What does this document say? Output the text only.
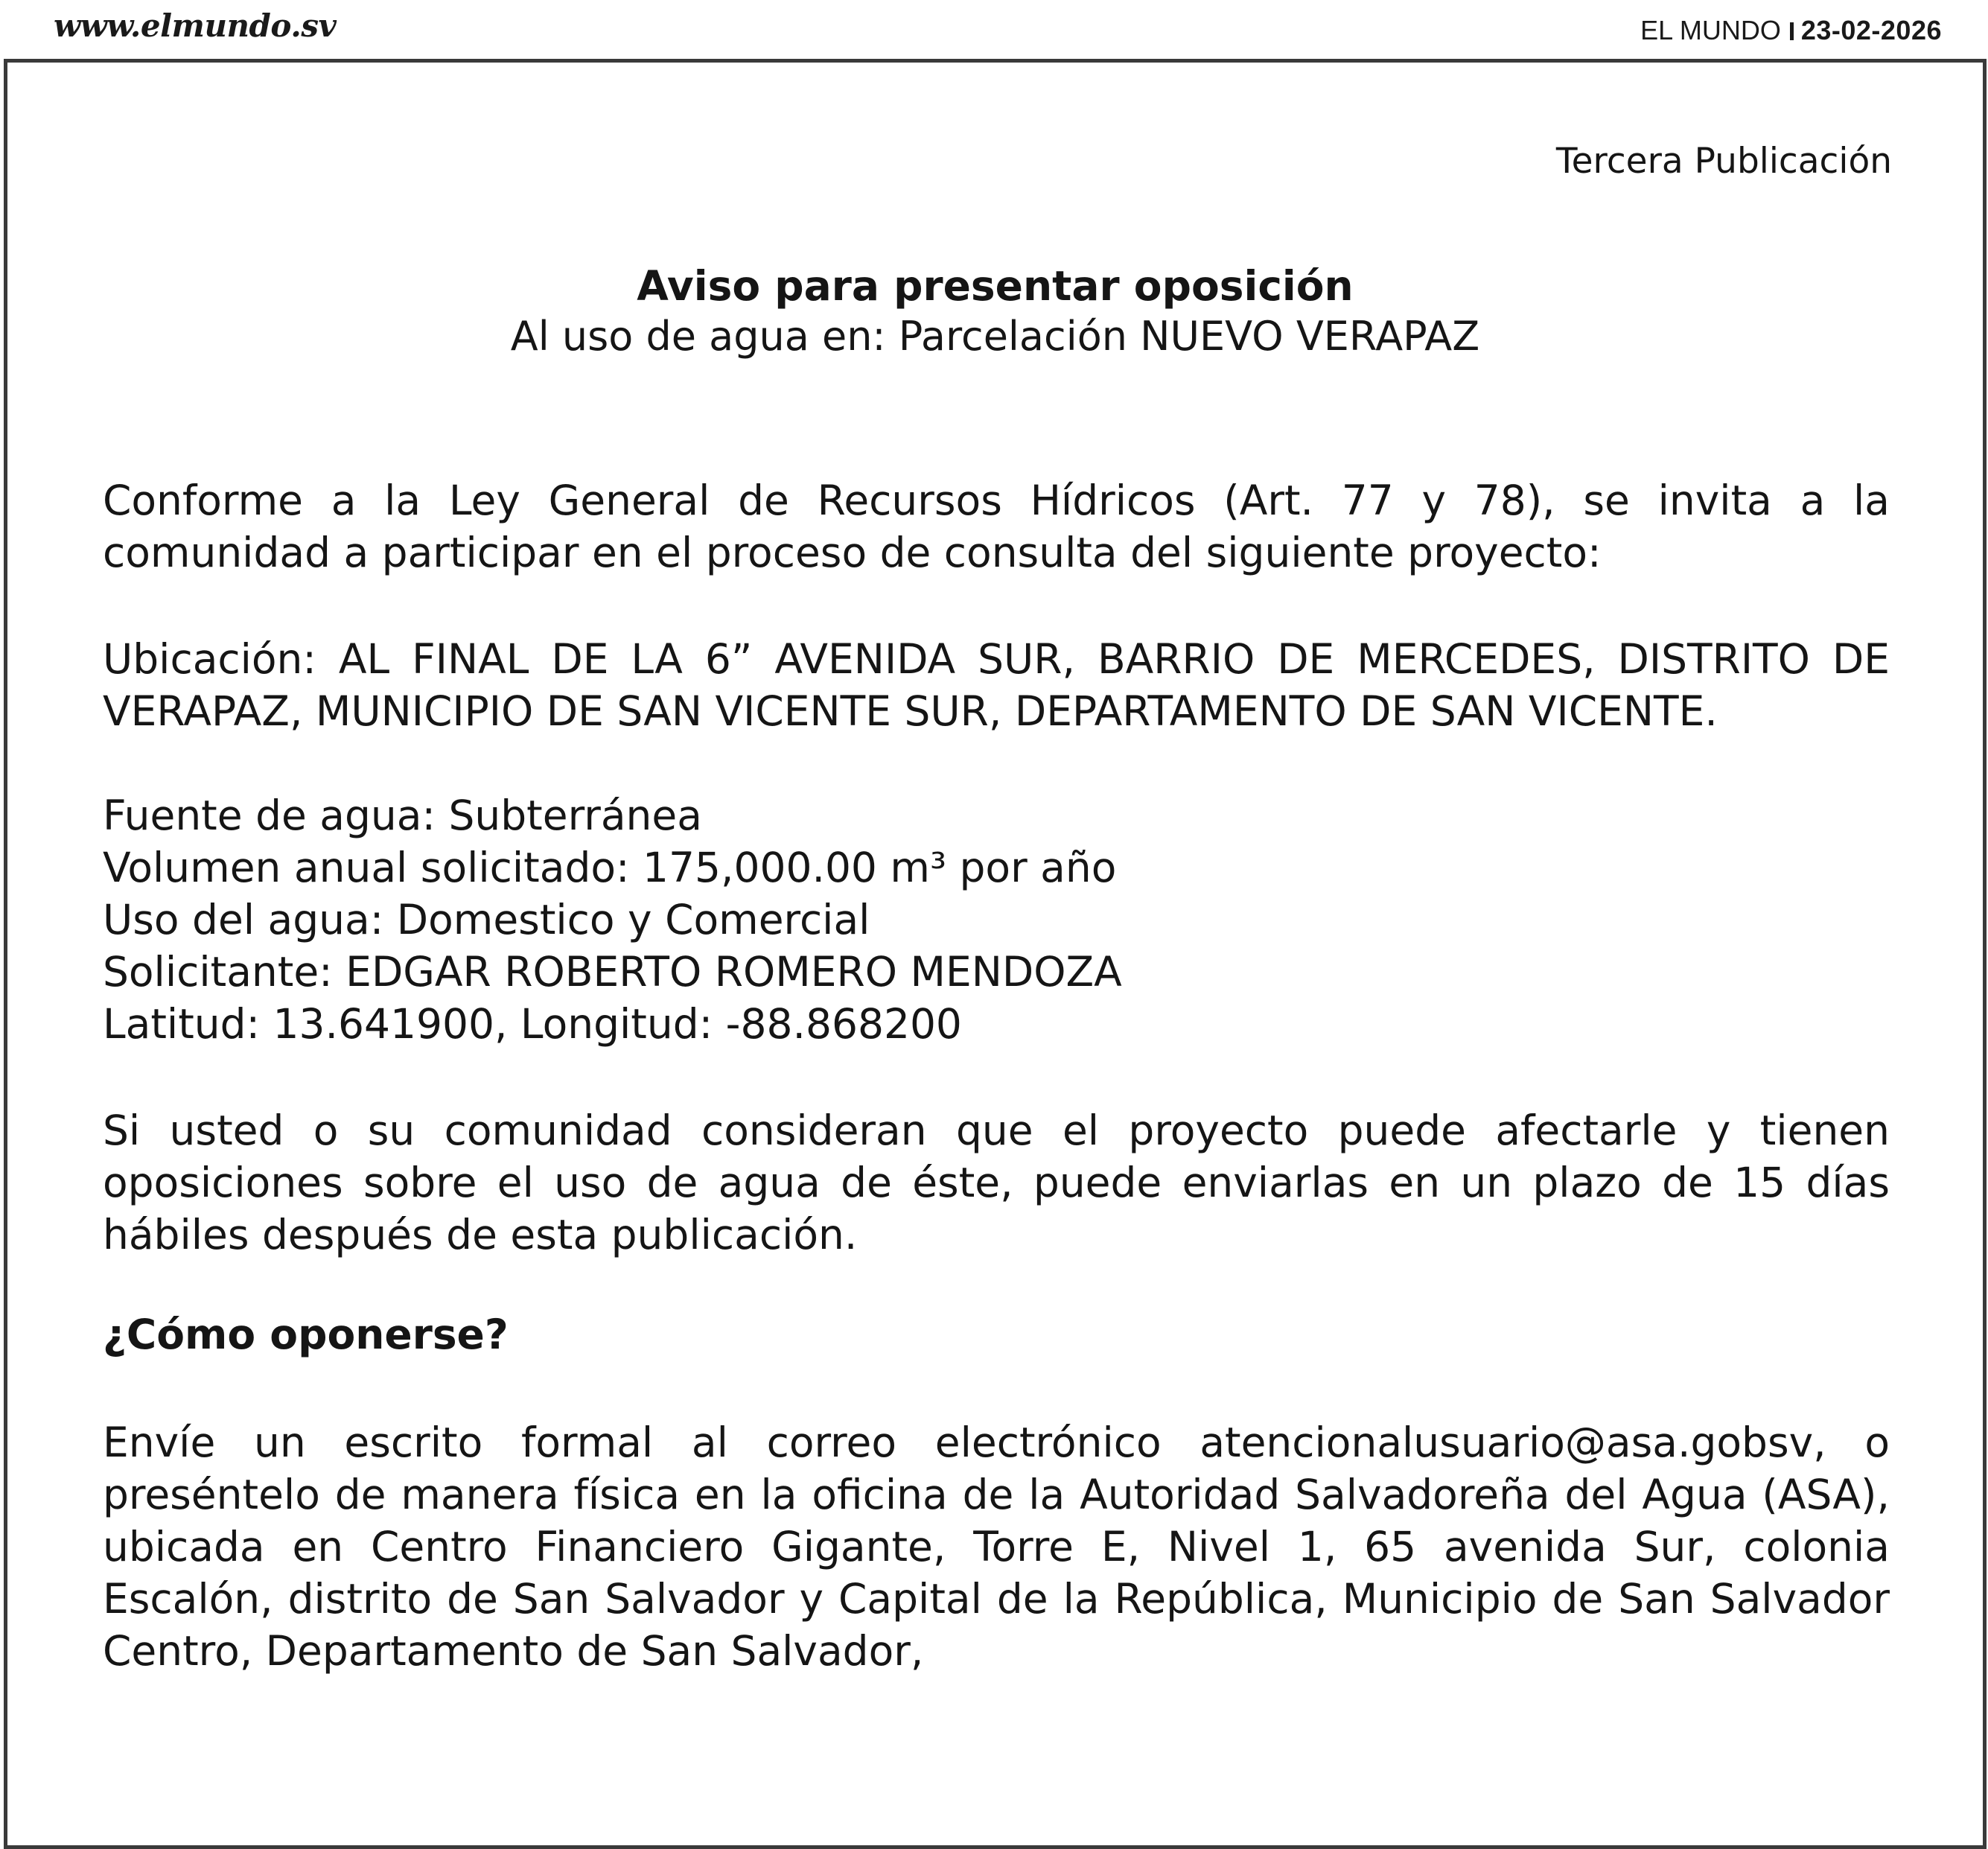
www.elmundo.sv	EL MUNDO 23-02-2026
Tercera Publicación
Aviso para presentar oposición
Al uso de agua en: Parcelación NUEVO VERAPAZ
Conforme a la Ley General de Recursos Hídricos (Art. 77 y 78), se invita a la comunidad a participar en el proceso de consulta del siguiente proyecto:
Ubicación: AL FINAL DE LA 6” AVENIDA SUR, BARRIO DE MERCEDES, DISTRITO DE VERAPAZ, MUNICIPIO DE SAN VICENTE SUR, DEPARTAMENTO DE SAN VICENTE.
Fuente de agua: Subterránea
Volumen anual solicitado: 175,000.00 m³ por año
Uso del agua: Domestico y Comercial
Solicitante: EDGAR ROBERTO ROMERO MENDOZA
Latitud: 13.641900, Longitud: -88.868200
Si usted o su comunidad consideran que el proyecto puede afectarle y tienen oposiciones sobre el uso de agua de éste, puede enviarlas en un plazo de 15 días hábiles después de esta publicación.
¿Cómo oponerse?
Envíe un escrito formal al correo electrónico atencionalusuario@asa.gobsv, o preséntelo de manera física en la oficina de la Autoridad Salvadoreña del Agua (ASA), ubicada en Centro Financiero Gigante, Torre E, Nivel 1, 65 avenida Sur, colonia Escalón, distrito de San Salvador y Capital de la República, Municipio de San Salvador Centro, Departamento de San Salvador,
